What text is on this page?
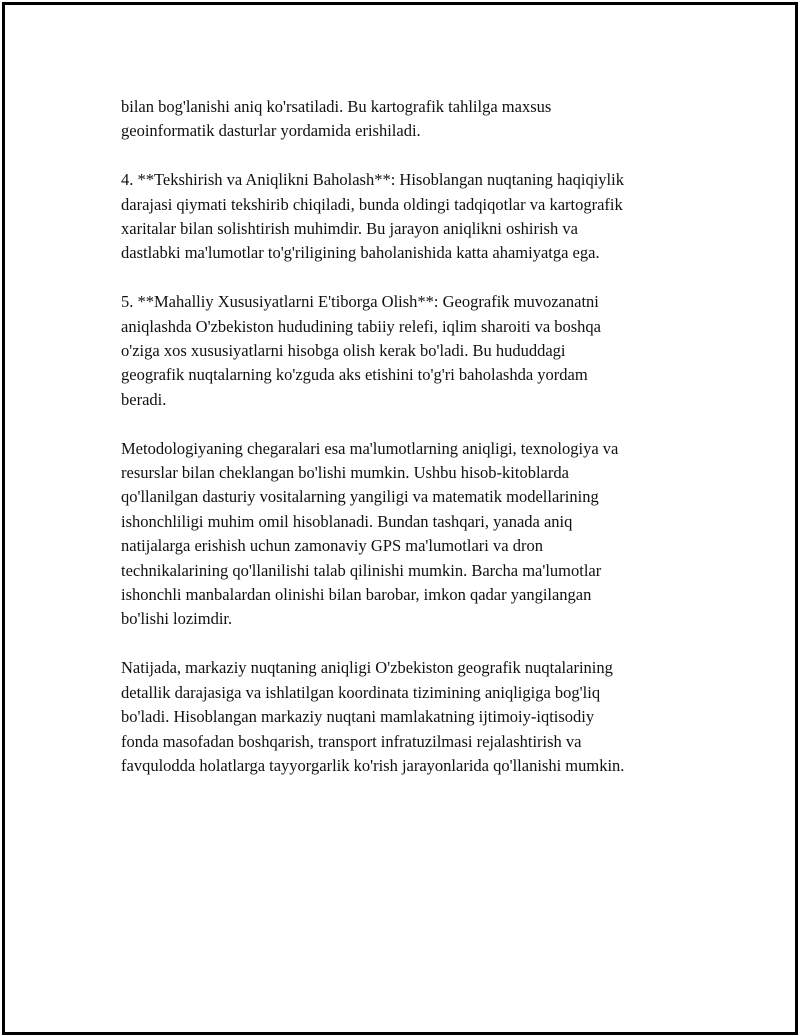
bilan bog'lanishi aniq ko'rsatiladi. Bu kartografik tahlilga maxsus
geoinformatik dasturlar yordamida erishiladi.

4. **Tekshirish va Aniqlikni Baholash**: Hisoblangan nuqtaning haqiqiylik
darajasi qiymati tekshirib chiqiladi, bunda oldingi tadqiqotlar va kartografik
xaritalar bilan solishtirish muhimdir. Bu jarayon aniqlikni oshirish va
dastlabki ma'lumotlar to'g'riligining baholanishida katta ahamiyatga ega.

5. **Mahalliy Xususiyatlarni E'tiborga Olish**: Geografik muvozanatni
aniqlashda O'zbekiston hududining tabiiy relefi, iqlim sharoiti va boshqa
o'ziga xos xususiyatlarni hisobga olish kerak bo'ladi. Bu hududdagi
geografik nuqtalarning ko'zguda aks etishini to'g'ri baholashda yordam
beradi.

Metodologiyaning chegaralari esa ma'lumotlarning aniqligi, texnologiya va
resurslar bilan cheklangan bo'lishi mumkin. Ushbu hisob-kitoblarda
qo'llanilgan dasturiy vositalarning yangiligi va matematik modellarining
ishonchliligi muhim omil hisoblanadi. Bundan tashqari, yanada aniq
natijalarga erishish uchun zamonaviy GPS ma'lumotlari va dron
technikalarining qo'llanilishi talab qilinishi mumkin. Barcha ma'lumotlar
ishonchli manbalardan olinishi bilan barobar, imkon qadar yangilangan
bo'lishi lozimdir.

Natijada, markaziy nuqtaning aniqligi O'zbekiston geografik nuqtalarining
detallik darajasiga va ishlatilgan koordinata tizimining aniqligiga bog'liq
bo'ladi. Hisoblangan markaziy nuqtani mamlakatning ijtimoiy-iqtisodiy
fonda masofadan boshqarish, transport infratuzilmasi rejalashtirish va
favqulodda holatlarga tayyorgarlik ko'rish jarayonlarida qo'llanishi mumkin.
